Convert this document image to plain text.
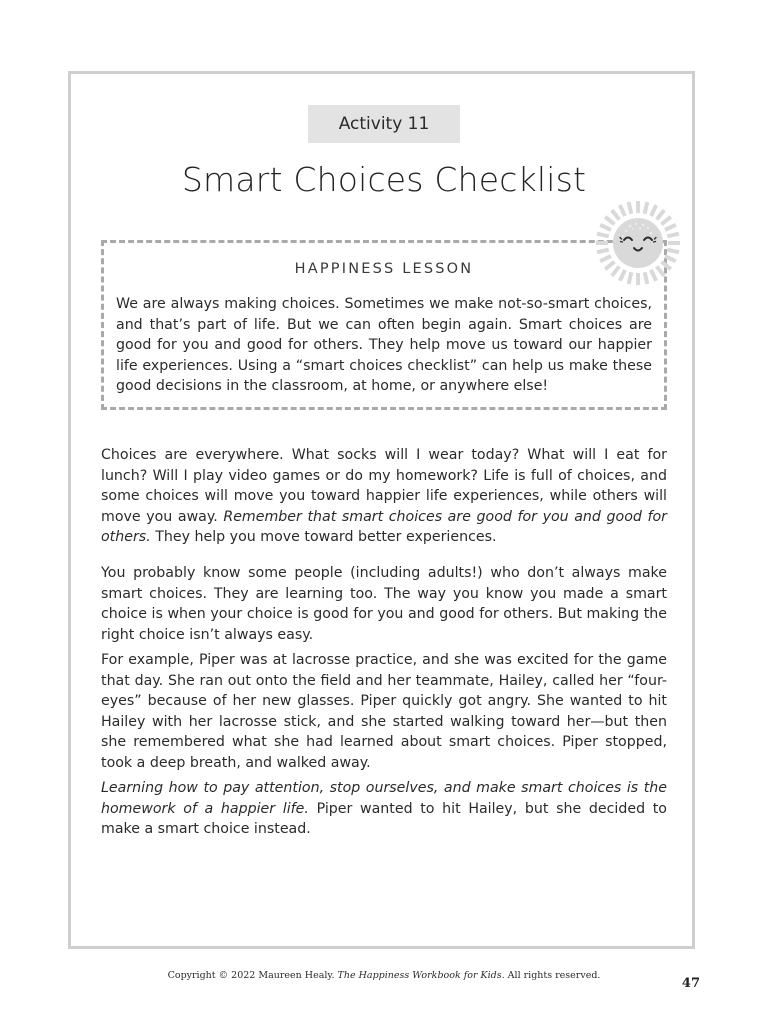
Activity 11
Smart Choices Checklist
HAPPINESS LESSON

We are always making choices. Sometimes we make not-so-smart choices, and that’s part of life. But we can often begin again. Smart choices are good for you and good for others. They help move us toward our happier life experiences. Using a “smart choices checklist” can help us make these good decisions in the classroom, at home, or anywhere else!

Choices are everywhere. What socks will I wear today? What will I eat for lunch? Will I play video games or do my homework? Life is full of choices, and some choices will move you toward happier life experiences, while others will move you away. Remember that smart choices are good for you and good for others. They help you move toward better experiences.

You probably know some people (including adults!) who don’t always make smart choices. They are learning too. The way you know you made a smart choice is when your choice is good for you and good for others. But making the right choice isn’t always easy.

For example, Piper was at lacrosse practice, and she was excited for the game that day. She ran out onto the field and her teammate, Hailey, called her “four-eyes” because of her new glasses. Piper quickly got angry. She wanted to hit Hailey with her lacrosse stick, and she started walking toward her—but then she remembered what she had learned about smart choices. Piper stopped, took a deep breath, and walked away.

Learning how to pay attention, stop ourselves, and make smart choices is the homework of a happier life. Piper wanted to hit Hailey, but she decided to make a smart choice instead.

Copyright © 2022 Maureen Healy. The Happiness Workbook for Kids. All rights reserved.
47
